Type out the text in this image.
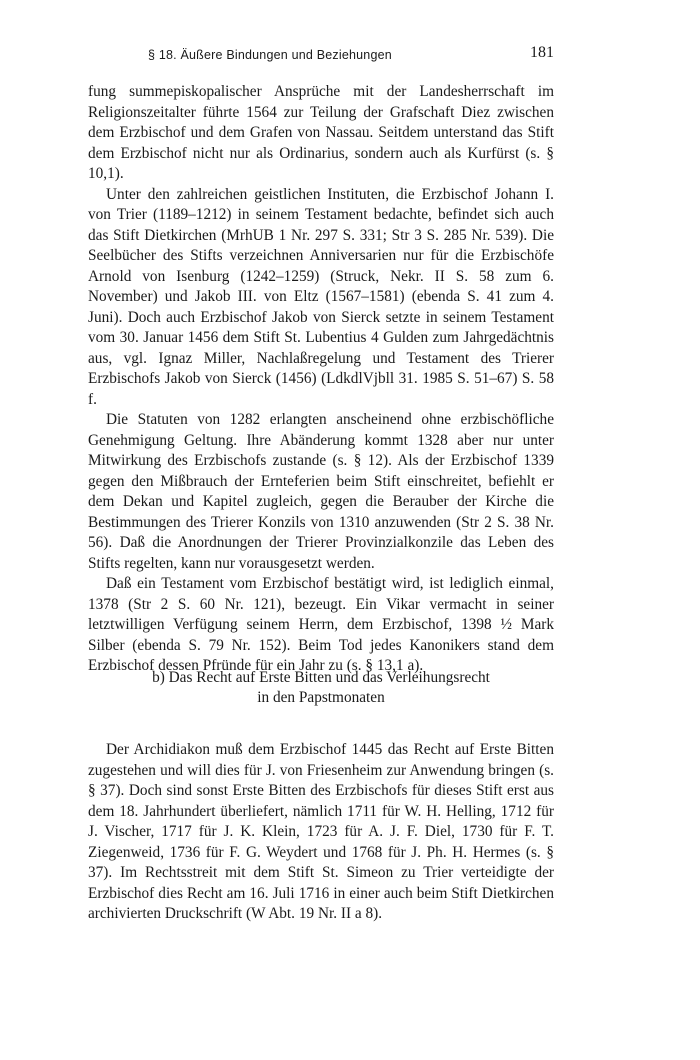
§ 18. Äußere Bindungen und Beziehungen	181

fung summepiskopalischer Ansprüche mit der Landesherrschaft im Religionszeitalter führte 1564 zur Teilung der Grafschaft Diez zwischen dem Erzbischof und dem Grafen von Nassau. Seitdem unterstand das Stift dem Erzbischof nicht nur als Ordinarius, sondern auch als Kurfürst (s. § 10,1).

Unter den zahlreichen geistlichen Instituten, die Erzbischof Johann I. von Trier (1189–1212) in seinem Testament bedachte, befindet sich auch das Stift Dietkirchen (MrhUB 1 Nr. 297 S. 331; Str 3 S. 285 Nr. 539). Die Seelbücher des Stifts verzeichnen Anniversarien nur für die Erzbischöfe Arnold von Isenburg (1242–1259) (Struck, Nekr. II S. 58 zum 6. November) und Jakob III. von Eltz (1567–1581) (ebenda S. 41 zum 4. Juni). Doch auch Erzbischof Jakob von Sierck setzte in seinem Testament vom 30. Januar 1456 dem Stift St. Lubentius 4 Gulden zum Jahrgedächtnis aus, vgl. Ignaz Miller, Nachlaßregelung und Testament des Trierer Erzbischofs Jakob von Sierck (1456) (LdkdlVjbll 31. 1985 S. 51–67) S. 58 f.

Die Statuten von 1282 erlangten anscheinend ohne erzbischöfliche Genehmigung Geltung. Ihre Abänderung kommt 1328 aber nur unter Mitwirkung des Erzbischofs zustande (s. § 12). Als der Erzbischof 1339 gegen den Mißbrauch der Ernteferien beim Stift einschreitet, befiehlt er dem Dekan und Kapitel zugleich, gegen die Berauber der Kirche die Bestimmungen des Trierer Konzils von 1310 anzuwenden (Str 2 S. 38 Nr. 56). Daß die Anordnungen der Trierer Provinzialkonzile das Leben des Stifts regelten, kann nur vorausgesetzt werden.

Daß ein Testament vom Erzbischof bestätigt wird, ist lediglich einmal, 1378 (Str 2 S. 60 Nr. 121), bezeugt. Ein Vikar vermacht in seiner letztwilligen Verfügung seinem Herrn, dem Erzbischof, 1398 ½ Mark Silber (ebenda S. 79 Nr. 152). Beim Tod jedes Kanonikers stand dem Erzbischof dessen Pfründe für ein Jahr zu (s. § 13,1 a).

b) Das Recht auf Erste Bitten und das Verleihungsrecht
in den Papstmonaten

Der Archidiakon muß dem Erzbischof 1445 das Recht auf Erste Bitten zugestehen und will dies für J. von Friesenheim zur Anwendung bringen (s. § 37). Doch sind sonst Erste Bitten des Erzbischofs für dieses Stift erst aus dem 18. Jahrhundert überliefert, nämlich 1711 für W. H. Helling, 1712 für J. Vischer, 1717 für J. K. Klein, 1723 für A. J. F. Diel, 1730 für F. T. Ziegenweid, 1736 für F. G. Weydert und 1768 für J. Ph. H. Hermes (s. § 37). Im Rechtsstreit mit dem Stift St. Simeon zu Trier verteidigte der Erzbischof dies Recht am 16. Juli 1716 in einer auch beim Stift Dietkirchen archivierten Druckschrift (W Abt. 19 Nr. II a 8).
